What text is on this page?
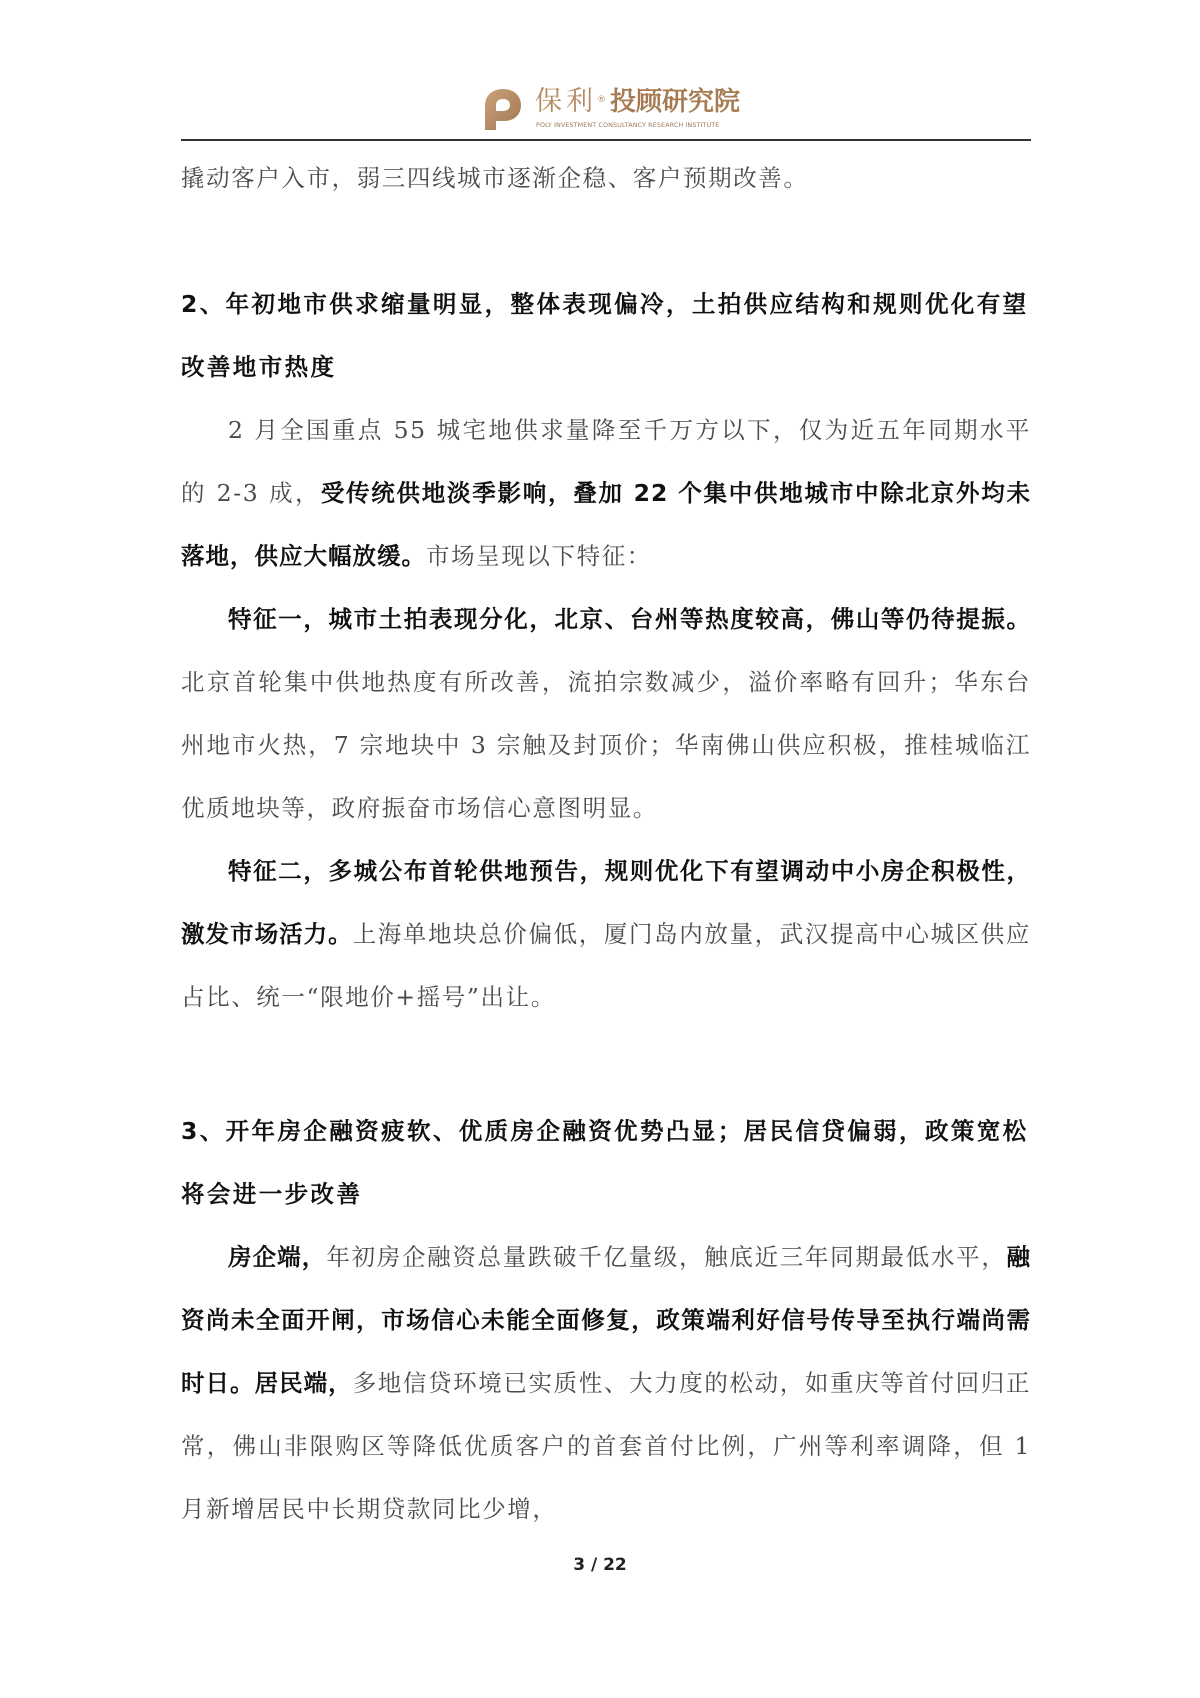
保利® 投顾研究院
POLY INVESTMENT CONSULTANCY RESEARCH INSTITUTE

撬动客户入市，弱三四线城市逐渐企稳、客户预期改善。

2、年初地市供求缩量明显，整体表现偏冷，土拍供应结构和规则优化有望改善地市热度

2 月全国重点 55 城宅地供求量降至千万方以下，仅为近五年同期水平的 2-3 成，受传统供地淡季影响，叠加 22 个集中供地城市中除北京外均未落地，供应大幅放缓。市场呈现以下特征：

特征一，城市土拍表现分化，北京、台州等热度较高，佛山等仍待提振。北京首轮集中供地热度有所改善，流拍宗数减少，溢价率略有回升；华东台州地市火热，7 宗地块中 3 宗触及封顶价；华南佛山供应积极，推桂城临江优质地块等，政府振奋市场信心意图明显。

特征二，多城公布首轮供地预告，规则优化下有望调动中小房企积极性，激发市场活力。上海单地块总价偏低，厦门岛内放量，武汉提高中心城区供应占比、统一“限地价+摇号”出让。

3、开年房企融资疲软、优质房企融资优势凸显；居民信贷偏弱，政策宽松将会进一步改善

房企端，年初房企融资总量跌破千亿量级，触底近三年同期最低水平，融资尚未全面开闸，市场信心未能全面修复，政策端利好信号传导至执行端尚需时日。居民端，多地信贷环境已实质性、大力度的松动，如重庆等首付回归正常，佛山非限购区等降低优质客户的首套首付比例，广州等利率调降，但 1 月新增居民中长期贷款同比少增，

3 / 22
